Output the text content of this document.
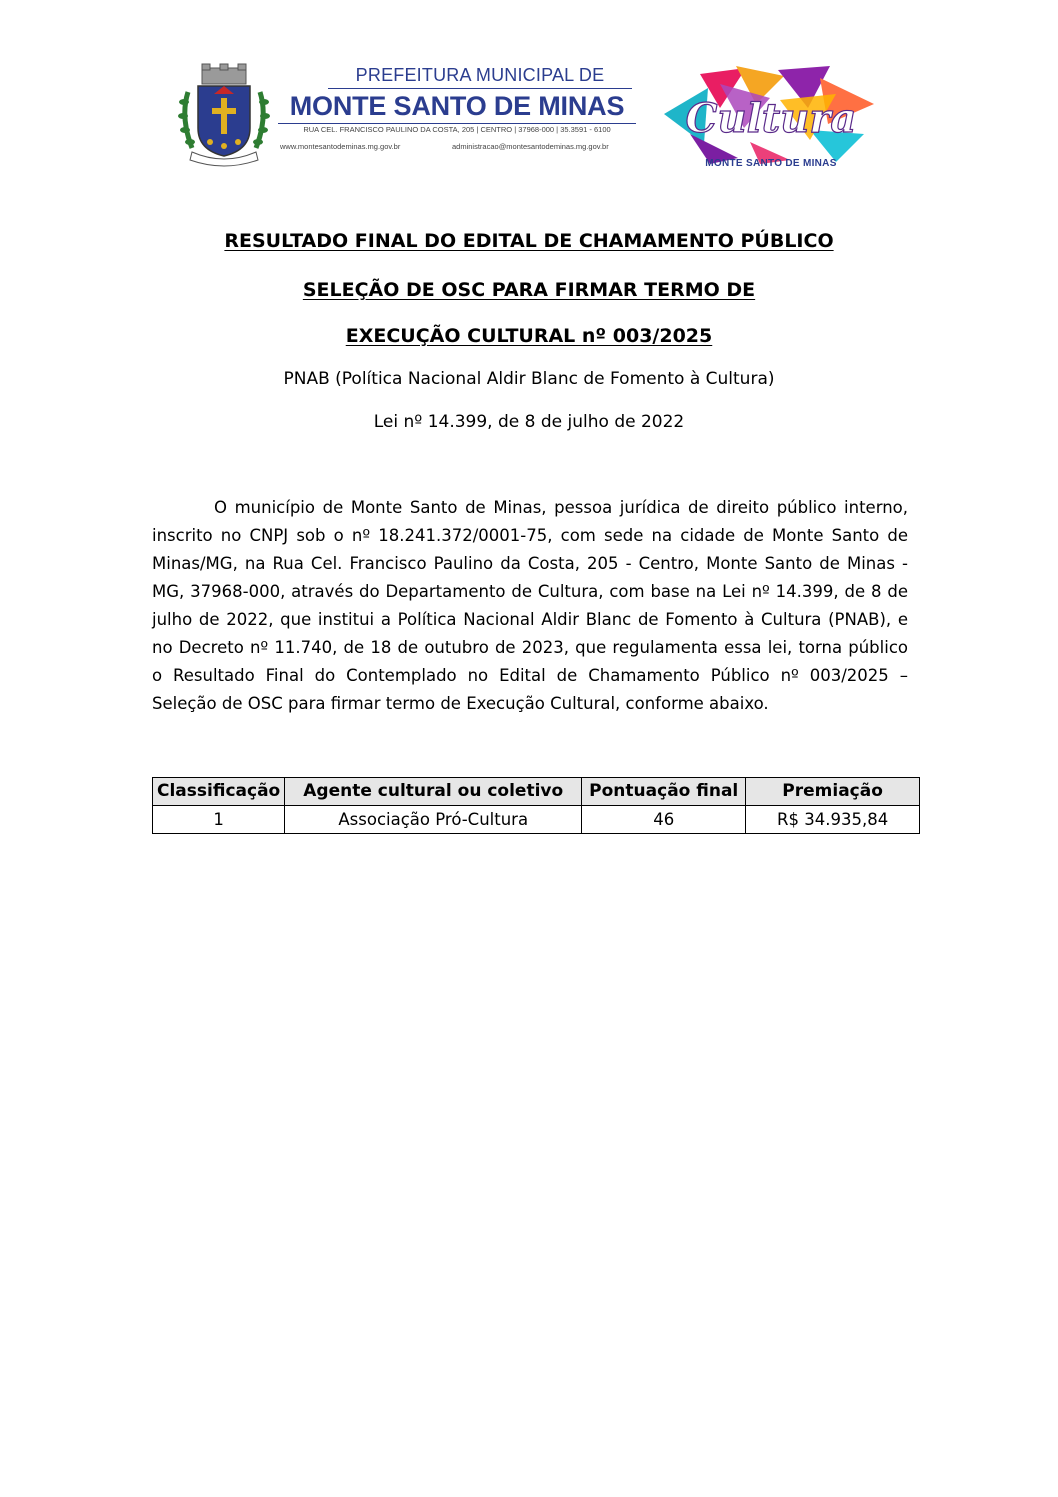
PREFEITURA MUNICIPAL DE
MONTE SANTO DE MINAS
RUA CEL. FRANCISCO PAULINO DA COSTA, 205 | CENTRO | 37968-000 | 35.3591 - 6100
www.montesantodeminas.mg.gov.br	administracao@montesantodeminas.mg.gov.br
Cultura
MONTE SANTO DE MINAS
RESULTADO FINAL DO EDITAL DE CHAMAMENTO PÚBLICO
SELEÇÃO DE OSC PARA FIRMAR TERMO DE
EXECUÇÃO CULTURAL nº 003/2025
PNAB (Política Nacional Aldir Blanc de Fomento à Cultura)
Lei nº 14.399, de 8 de julho de 2022

O município de Monte Santo de Minas, pessoa jurídica de direito público interno, inscrito no CNPJ sob o nº 18.241.372/0001-75, com sede na cidade de Monte Santo de Minas/MG, na Rua Cel. Francisco Paulino da Costa, 205 - Centro, Monte Santo de Minas - MG, 37968-000, através do Departamento de Cultura, com base na Lei nº 14.399, de 8 de julho de 2022, que institui a Política Nacional Aldir Blanc de Fomento à Cultura (PNAB), e no Decreto nº 11.740, de 18 de outubro de 2023, que regulamenta essa lei, torna público o Resultado Final do Contemplado no Edital de Chamamento Público nº 003/2025 – Seleção de OSC para firmar termo de Execução Cultural, conforme abaixo.

Classificação	Agente cultural ou coletivo	Pontuação final	Premiação
1	Associação Pró-Cultura	46	R$ 34.935,84
